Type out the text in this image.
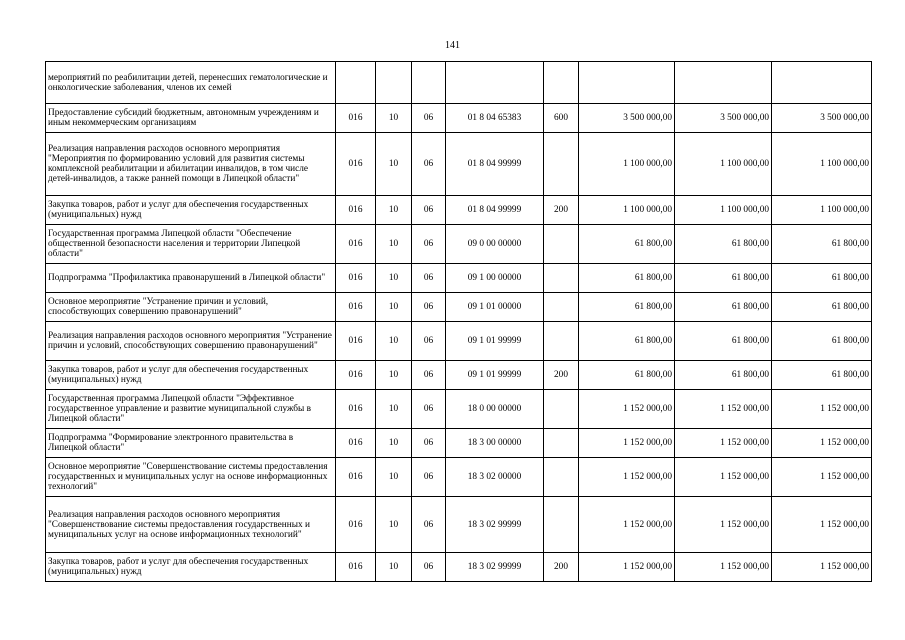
141
мероприятий по реабилитации детей, перенесших гематологические и онкологические заболевания, членов их семей								
Предоставление субсидий бюджетным, автономным учреждениям и иным некоммерческим организациям	016	10	06	01 8 04 65383	600	3 500 000,00	3 500 000,00	3 500 000,00
Реализация направления расходов основного мероприятия "Мероприятия по формированию условий для развития системы комплексной реабилитации и абилитации инвалидов, в том числе детей-инвалидов, а также ранней помощи в Липецкой области"	016	10	06	01 8 04 99999		1 100 000,00	1 100 000,00	1 100 000,00
Закупка товаров, работ и услуг для обеспечения государственных (муниципальных) нужд	016	10	06	01 8 04 99999	200	1 100 000,00	1 100 000,00	1 100 000,00
Государственная программа Липецкой области "Обеспечение общественной безопасности населения и территории Липецкой области"	016	10	06	09 0 00 00000		61 800,00	61 800,00	61 800,00
Подпрограмма "Профилактика правонарушений в Липецкой области"	016	10	06	09 1 00 00000		61 800,00	61 800,00	61 800,00
Основное мероприятие "Устранение причин и условий, способствующих совершению правонарушений"	016	10	06	09 1 01 00000		61 800,00	61 800,00	61 800,00
Реализация направления расходов основного мероприятия "Устранение причин и условий, способствующих совершению правонарушений"	016	10	06	09 1 01 99999		61 800,00	61 800,00	61 800,00
Закупка товаров, работ и услуг для обеспечения государственных (муниципальных) нужд	016	10	06	09 1 01 99999	200	61 800,00	61 800,00	61 800,00
Государственная программа Липецкой области "Эффективное государственное управление и развитие муниципальной службы в Липецкой области"	016	10	06	18 0 00 00000		1 152 000,00	1 152 000,00	1 152 000,00
Подпрограмма "Формирование электронного правительства в Липецкой области"	016	10	06	18 3 00 00000		1 152 000,00	1 152 000,00	1 152 000,00
Основное мероприятие "Совершенствование системы предоставления государственных и муниципальных услуг на основе информационных технологий"	016	10	06	18 3 02 00000		1 152 000,00	1 152 000,00	1 152 000,00
Реализация направления расходов основного мероприятия "Совершенствование системы предоставления государственных и муниципальных услуг на основе информационных технологий"	016	10	06	18 3 02 99999		1 152 000,00	1 152 000,00	1 152 000,00
Закупка товаров, работ и услуг для обеспечения государственных (муниципальных) нужд	016	10	06	18 3 02 99999	200	1 152 000,00	1 152 000,00	1 152 000,00
